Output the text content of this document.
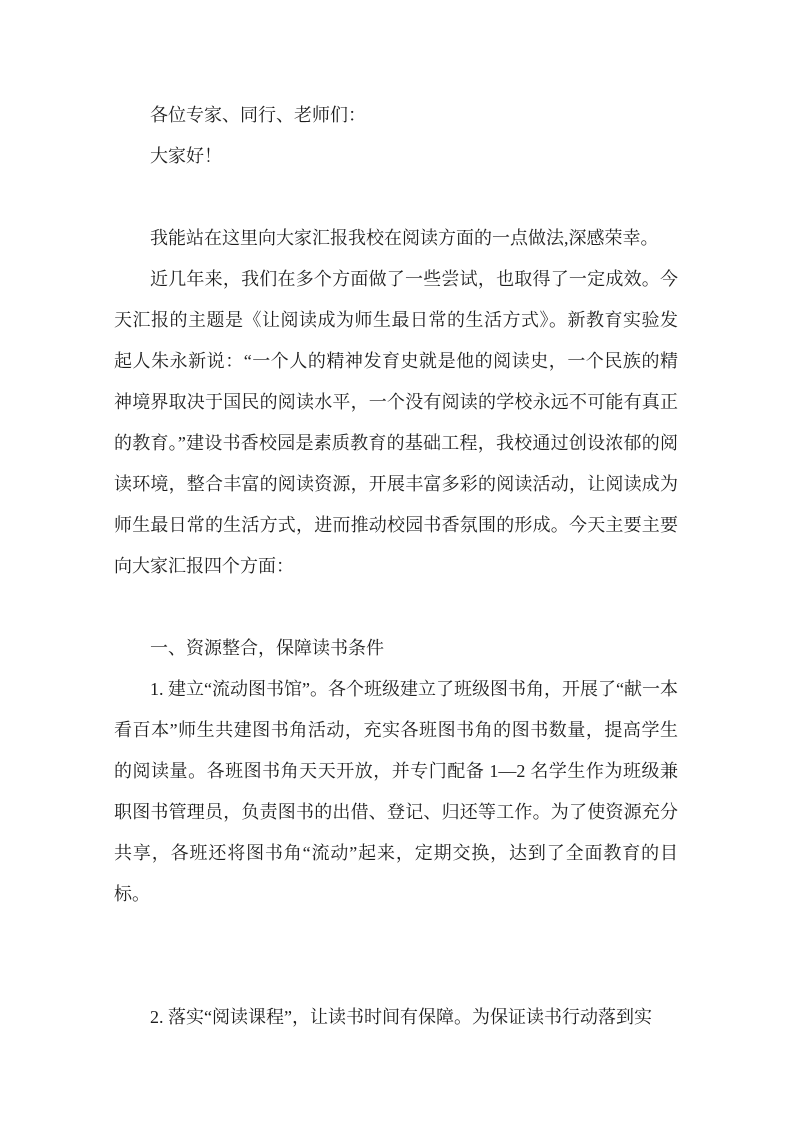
各位专家、同行、老师们：

大家好！

我能站在这里向大家汇报我校在阅读方面的一点做法,深感荣幸。

近几年来，我们在多个方面做了一些尝试，也取得了一定成效。今天汇报的主题是《让阅读成为师生最日常的生活方式》。新教育实验发起人朱永新说：“一个人的精神发育史就是他的阅读史，一个民族的精神境界取决于国民的阅读水平，一个没有阅读的学校永远不可能有真正的教育。”建设书香校园是素质教育的基础工程，我校通过创设浓郁的阅读环境，整合丰富的阅读资源，开展丰富多彩的阅读活动，让阅读成为师生最日常的生活方式，进而推动校园书香氛围的形成。今天主要主要向大家汇报四个方面：

一、资源整合，保障读书条件

1. 建立“流动图书馆”。各个班级建立了班级图书角，开展了“献一本看百本”师生共建图书角活动，充实各班图书角的图书数量，提高学生的阅读量。各班图书角天天开放，并专门配备 1—2 名学生作为班级兼职图书管理员，负责图书的出借、登记、归还等工作。为了使资源充分共享，各班还将图书角“流动”起来，定期交换，达到了全面教育的目标。

2. 落实“阅读课程”，让读书时间有保障。为保证读书行动落到实
